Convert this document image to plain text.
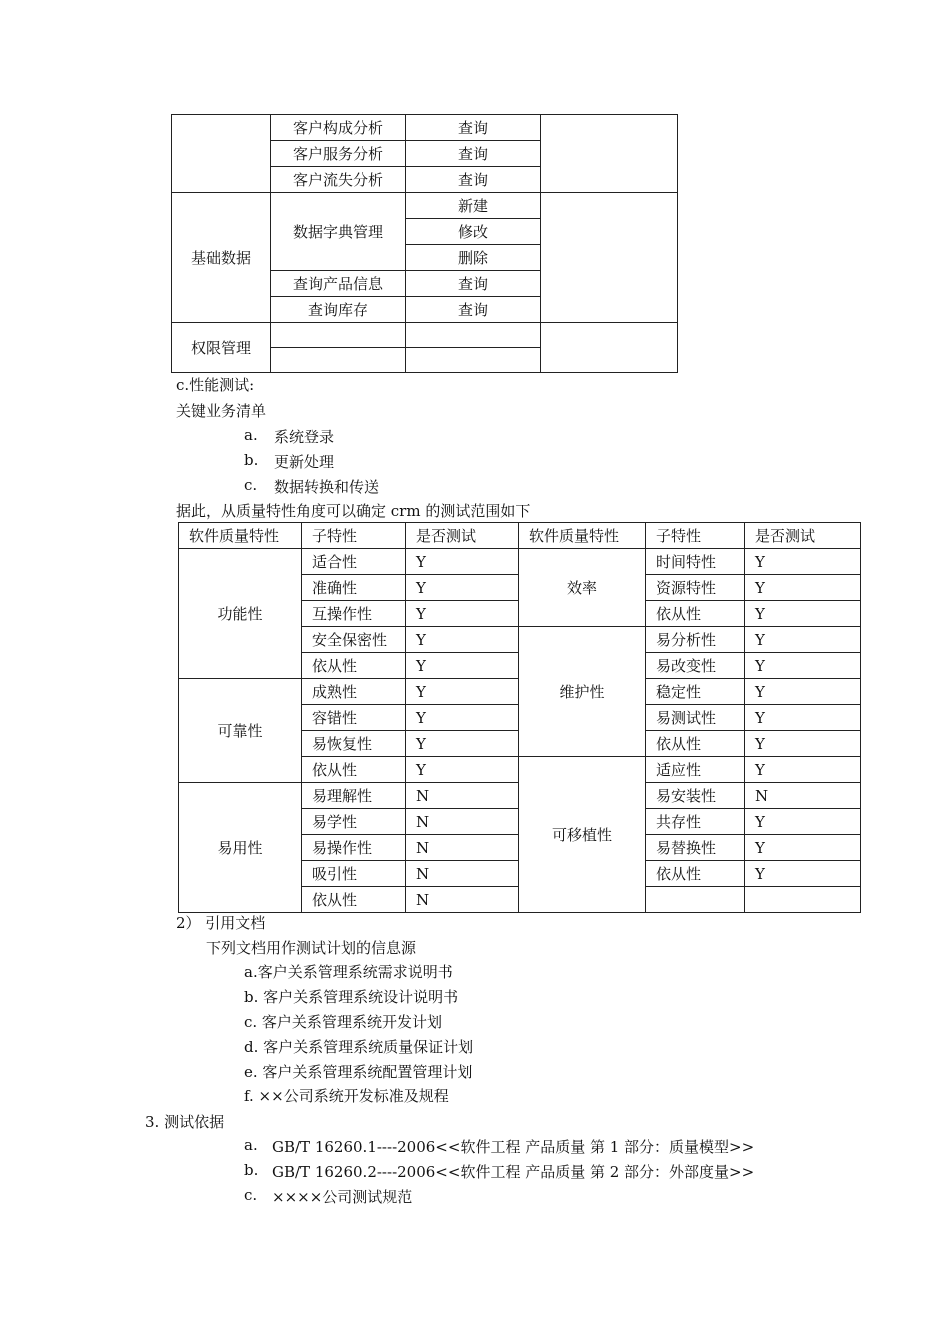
	客户构成分析	查询	
	客户服务分析	查询	
	客户流失分析	查询	
基础数据	数据字典管理	新建	
		修改	
		删除	
	查询产品信息	查询	
	查询库存	查询	
权限管理			

c.性能测试:
关键业务清单
a. 系统登录
b. 更新处理
c. 数据转换和传送
据此，从质量特性角度可以确定 crm 的测试范围如下
软件质量特性	子特性	是否测试	软件质量特性	子特性	是否测试
功能性	适合性	Y	效率	时间特性	Y
	准确性	Y		资源特性	Y
	互操作性	Y		依从性	Y
	安全保密性	Y	维护性	易分析性	Y
	依从性	Y		易改变性	Y
可靠性	成熟性	Y		稳定性	Y
	容错性	Y		易测试性	Y
	易恢复性	Y		依从性	Y
	依从性	Y	可移植性	适应性	Y
易用性	易理解性	N		易安装性	N
	易学性	N		共存性	Y
	易操作性	N		易替换性	Y
	吸引性	N		依从性	Y
	依从性	N			
2） 引用文档
下列文档用作测试计划的信息源
a.客户关系管理系统需求说明书
b. 客户关系管理系统设计说明书
c. 客户关系管理系统开发计划
d. 客户关系管理系统质量保证计划
e. 客户关系管理系统配置管理计划
f. ××公司系统开发标准及规程
3. 测试依据
a. GB/T 16260.1----2006<<软件工程 产品质量 第 1 部分：质量模型>>
b. GB/T 16260.2----2006<<软件工程 产品质量 第 2 部分：外部度量>>
c. ××××公司测试规范
